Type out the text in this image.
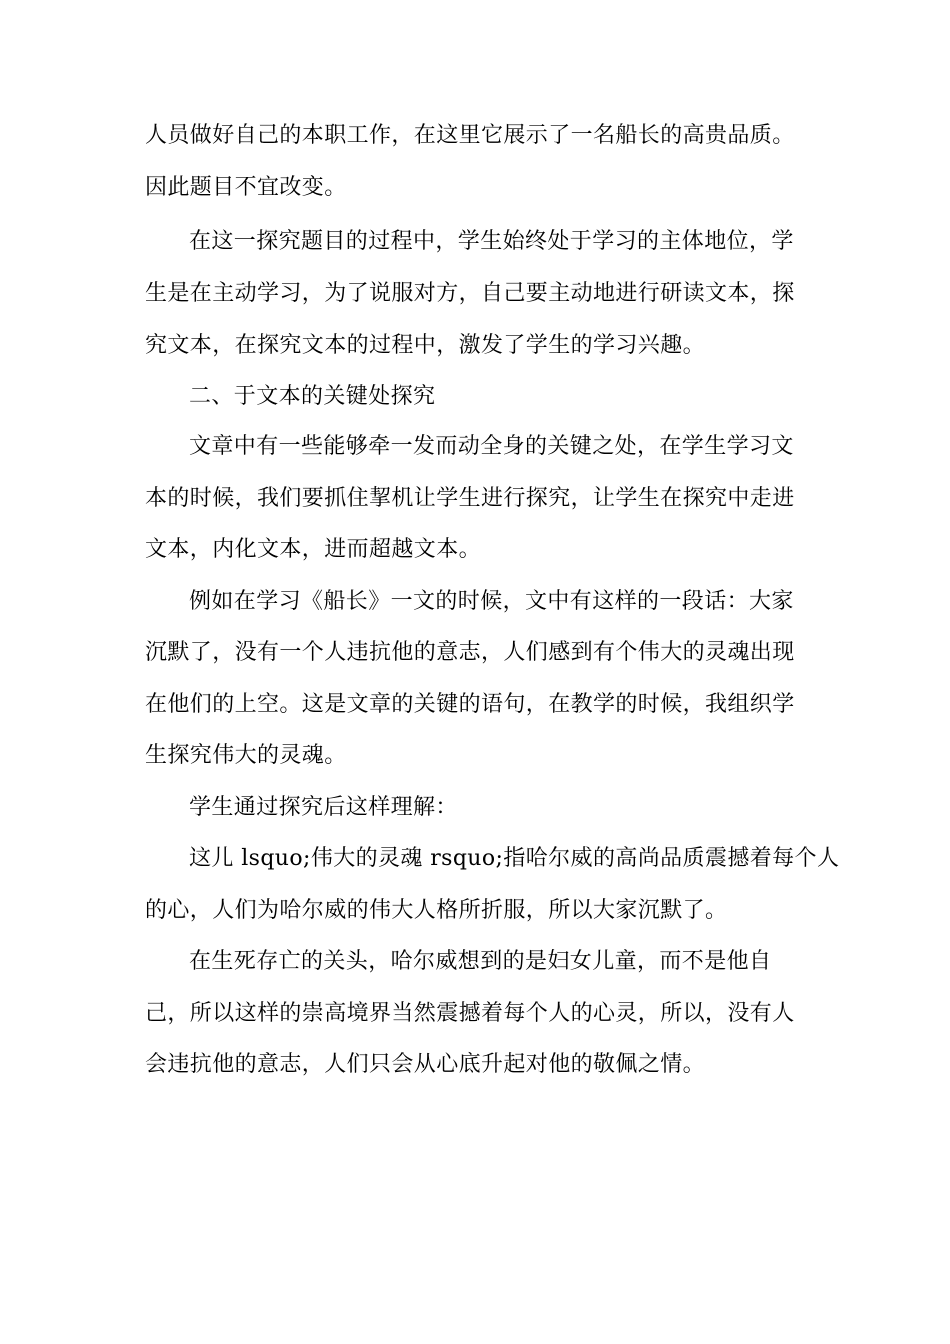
人员做好自己的本职工作，在这里它展示了一名船长的高贵品质。
因此题目不宜改变。
在这一探究题目的过程中，学生始终处于学习的主体地位，学
生是在主动学习，为了说服对方，自己要主动地进行研读文本，探
究文本，在探究文本的过程中，激发了学生的学习兴趣。
二、于文本的关键处探究
文章中有一些能够牵一发而动全身的关键之处，在学生学习文
本的时候，我们要抓住挈机让学生进行探究，让学生在探究中走进
文本，内化文本，进而超越文本。
例如在学习《船长》一文的时候，文中有这样的一段话：大家
沉默了，没有一个人违抗他的意志，人们感到有个伟大的灵魂出现
在他们的上空。这是文章的关键的语句，在教学的时候，我组织学
生探究伟大的灵魂。
学生通过探究后这样理解：
这儿 lsquo;伟大的灵魂 rsquo;指哈尔威的高尚品质震撼着每个人
的心，人们为哈尔威的伟大人格所折服，所以大家沉默了。
在生死存亡的关头，哈尔威想到的是妇女儿童，而不是他自
己，所以这样的崇高境界当然震撼着每个人的心灵，所以，没有人
会违抗他的意志，人们只会从心底升起对他的敬佩之情。
